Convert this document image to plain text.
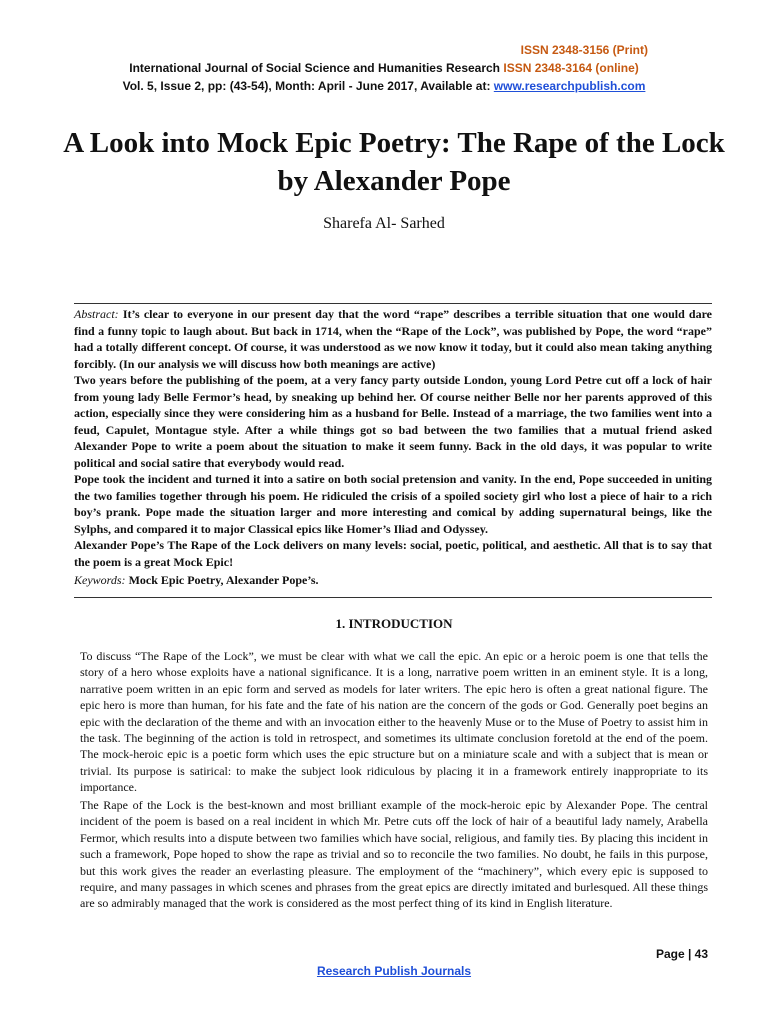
ISSN 2348-3156 (Print)
International Journal of Social Science and Humanities Research ISSN 2348-3164 (online)
Vol. 5, Issue 2, pp: (43-54), Month: April - June 2017, Available at: www.researchpublish.com
A Look into Mock Epic Poetry: The Rape of the Lock by Alexander Pope
Sharefa Al- Sarhed

Abstract: It’s clear to everyone in our present day that the word “rape” describes a terrible situation that one would dare find a funny topic to laugh about. But back in 1714, when the “Rape of the Lock”, was published by Pope, the word “rape” had a totally different concept. Of course, it was understood as we now know it today, but it could also mean taking anything forcibly. (In our analysis we will discuss how both meanings are active)

Two years before the publishing of the poem, at a very fancy party outside London, young Lord Petre cut off a lock of hair from young lady Belle Fermor’s head, by sneaking up behind her. Of course neither Belle nor her parents approved of this action, especially since they were considering him as a husband for Belle. Instead of a marriage, the two families went into a feud, Capulet, Montague style. After a while things got so bad between the two families that a mutual friend asked Alexander Pope to write a poem about the situation to make it seem funny. Back in the old days, it was popular to write political and social satire that everybody would read.

Pope took the incident and turned it into a satire on both social pretension and vanity. In the end, Pope succeeded in uniting the two families together through his poem. He ridiculed the crisis of a spoiled society girl who lost a piece of hair to a rich boy’s prank. Pope made the situation larger and more interesting and comical by adding supernatural beings, like the Sylphs, and compared it to major Classical epics like Homer’s Iliad and Odyssey.

Alexander Pope’s The Rape of the Lock delivers on many levels: social, poetic, political, and aesthetic. All that is to say that the poem is a great Mock Epic!

Keywords: Mock Epic Poetry, Alexander Pope’s.
1. INTRODUCTION

To discuss “The Rape of the Lock”, we must be clear with what we call the epic. An epic or a heroic poem is one that tells the story of a hero whose exploits have a national significance. It is a long, narrative poem written in an eminent style. It is a long, narrative poem written in an epic form and served as models for later writers. The epic hero is often a great national figure. The epic hero is more than human, for his fate and the fate of his nation are the concern of the gods or God. Generally poet begins an epic with the declaration of the theme and with an invocation either to the heavenly Muse or to the Muse of Poetry to assist him in the task. The beginning of the action is told in retrospect, and sometimes its ultimate conclusion foretold at the end of the poem. The mock-heroic epic is a poetic form which uses the epic structure but on a miniature scale and with a subject that is mean or trivial. Its purpose is satirical: to make the subject look ridiculous by placing it in a framework entirely inappropriate to its importance.

The Rape of the Lock is the best-known and most brilliant example of the mock-heroic epic by Alexander Pope. The central incident of the poem is based on a real incident in which Mr. Petre cuts off the lock of hair of a beautiful lady namely, Arabella Fermor, which results into a dispute between two families which have social, religious, and family ties. By placing this incident in such a framework, Pope hoped to show the rape as trivial and so to reconcile the two families. No doubt, he fails in this purpose, but this work gives the reader an everlasting pleasure. The employment of the “machinery”, which every epic is supposed to require, and many passages in which scenes and phrases from the great epics are directly imitated and burlesqued. All these things are so admirably managed that the work is considered as the most perfect thing of its kind in English literature.

Page | 43
Research Publish Journals
